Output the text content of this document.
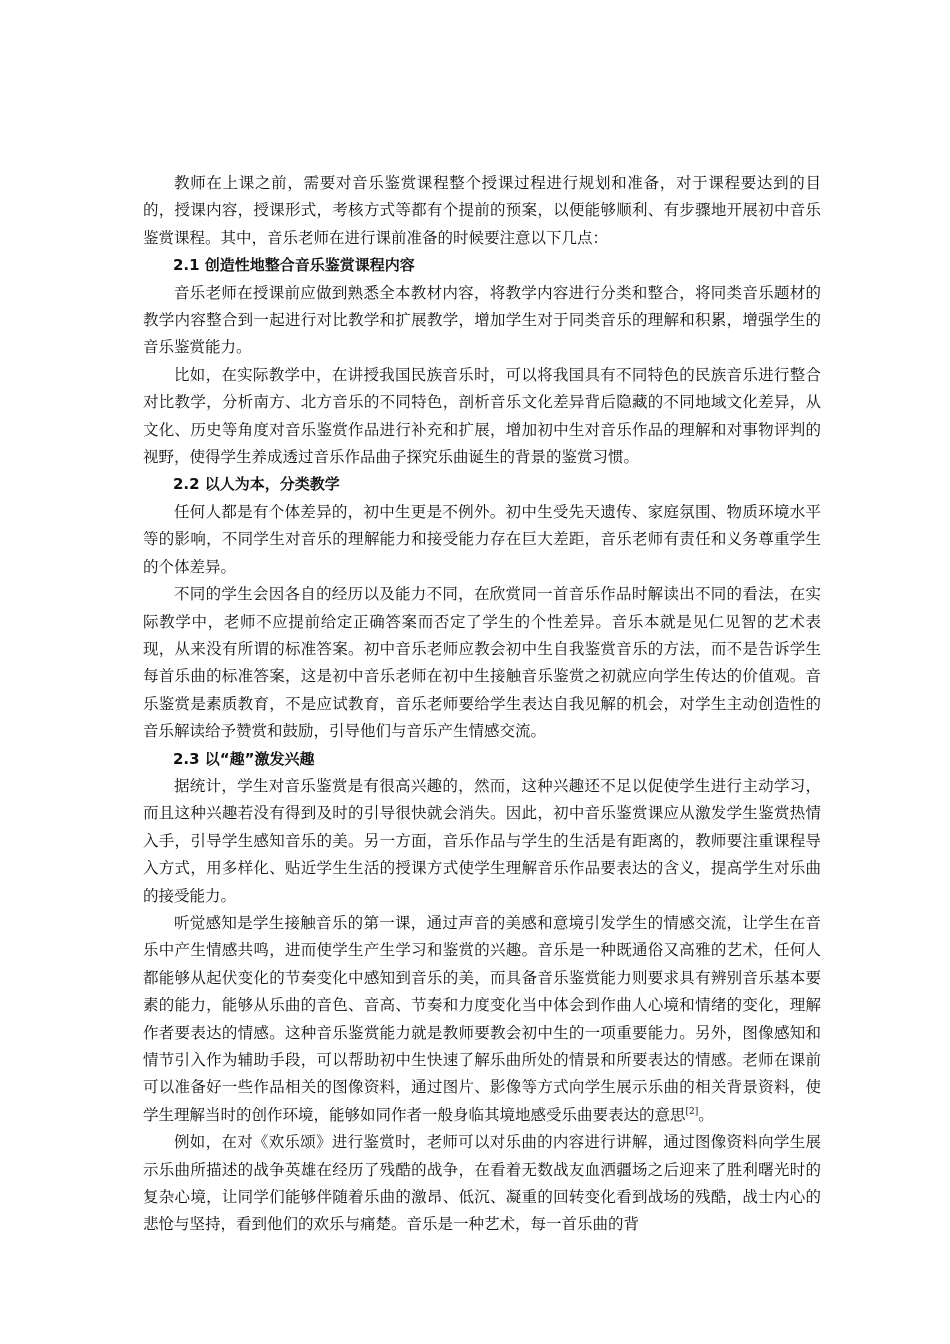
教师在上课之前，需要对音乐鉴赏课程整个授课过程进行规划和准备，对于课程要达到的目的，授课内容，授课形式，考核方式等都有个提前的预案，以便能够顺利、有步骤地开展初中音乐鉴赏课程。其中，音乐老师在进行课前准备的时候要注意以下几点：

2.1 创造性地整合音乐鉴赏课程内容

音乐老师在授课前应做到熟悉全本教材内容，将教学内容进行分类和整合，将同类音乐题材的教学内容整合到一起进行对比教学和扩展教学，增加学生对于同类音乐的理解和积累，增强学生的音乐鉴赏能力。

比如，在实际教学中，在讲授我国民族音乐时，可以将我国具有不同特色的民族音乐进行整合对比教学，分析南方、北方音乐的不同特色，剖析音乐文化差异背后隐藏的不同地域文化差异，从文化、历史等角度对音乐鉴赏作品进行补充和扩展，增加初中生对音乐作品的理解和对事物评判的视野，使得学生养成透过音乐作品曲子探究乐曲诞生的背景的鉴赏习惯。

2.2 以人为本，分类教学

任何人都是有个体差异的，初中生更是不例外。初中生受先天遗传、家庭氛围、物质环境水平等的影响，不同学生对音乐的理解能力和接受能力存在巨大差距，音乐老师有责任和义务尊重学生的个体差异。

不同的学生会因各自的经历以及能力不同，在欣赏同一首音乐作品时解读出不同的看法，在实际教学中，老师不应提前给定正确答案而否定了学生的个性差异。音乐本就是见仁见智的艺术表现，从来没有所谓的标准答案。初中音乐老师应教会初中生自我鉴赏音乐的方法，而不是告诉学生每首乐曲的标准答案，这是初中音乐老师在初中生接触音乐鉴赏之初就应向学生传达的价值观。音乐鉴赏是素质教育，不是应试教育，音乐老师要给学生表达自我见解的机会，对学生主动创造性的音乐解读给予赞赏和鼓励，引导他们与音乐产生情感交流。

2.3 以“趣”激发兴趣

据统计，学生对音乐鉴赏是有很高兴趣的，然而，这种兴趣还不足以促使学生进行主动学习，而且这种兴趣若没有得到及时的引导很快就会消失。因此，初中音乐鉴赏课应从激发学生鉴赏热情入手，引导学生感知音乐的美。另一方面，音乐作品与学生的生活是有距离的，教师要注重课程导入方式，用多样化、贴近学生生活的授课方式使学生理解音乐作品要表达的含义，提高学生对乐曲的接受能力。

听觉感知是学生接触音乐的第一课，通过声音的美感和意境引发学生的情感交流，让学生在音乐中产生情感共鸣，进而使学生产生学习和鉴赏的兴趣。音乐是一种既通俗又高雅的艺术，任何人都能够从起伏变化的节奏变化中感知到音乐的美，而具备音乐鉴赏能力则要求具有辨别音乐基本要素的能力，能够从乐曲的音色、音高、节奏和力度变化当中体会到作曲人心境和情绪的变化，理解作者要表达的情感。这种音乐鉴赏能力就是教师要教会初中生的一项重要能力。另外，图像感知和情节引入作为辅助手段，可以帮助初中生快速了解乐曲所处的情景和所要表达的情感。老师在课前可以准备好一些作品相关的图像资料，通过图片、影像等方式向学生展示乐曲的相关背景资料，使学生理解当时的创作环境，能够如同作者一般身临其境地感受乐曲要表达的意思[2]。

例如，在对《欢乐颂》进行鉴赏时，老师可以对乐曲的内容进行讲解，通过图像资料向学生展示乐曲所描述的战争英雄在经历了残酷的战争，在看着无数战友血洒疆场之后迎来了胜利曙光时的复杂心境，让同学们能够伴随着乐曲的激昂、低沉、凝重的回转变化看到战场的残酷，战士内心的悲怆与坚持，看到他们的欢乐与痛楚。音乐是一种艺术，每一首乐曲的背
